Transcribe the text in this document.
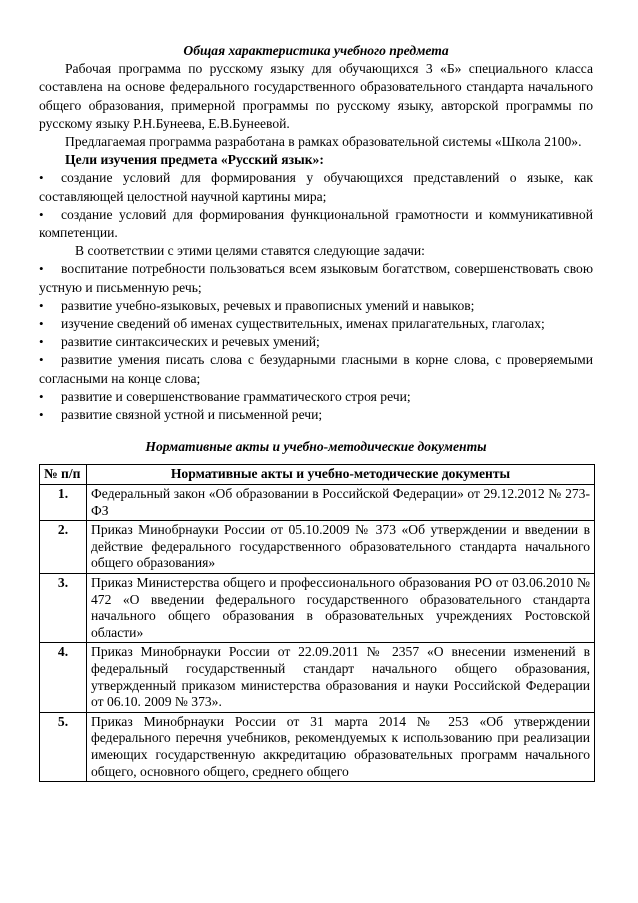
Общая характеристика учебного предмета

Рабочая программа по русскому языку для обучающихся 3 «Б» специального класса составлена на основе федерального государственного образовательного стандарта начального общего образования, примерной программы по русскому языку, авторской программы по русскому языку Р.Н.Бунеева, Е.В.Бунеевой.

Предлагаемая программа разработана в рамках образовательной системы «Школа 2100».

Цели изучения предмета «Русский язык»:

• создание условий для формирования у обучающихся представлений о языке, как составляющей целостной научной картины мира;

• создание условий для формирования функциональной грамотности и коммуникативной компетенции.

В соответствии с этими целями ставятся следующие задачи:

• воспитание потребности пользоваться всем языковым богатством, совершенствовать свою устную и письменную речь;

• развитие учебно-языковых, речевых и правописных умений и навыков;

• изучение сведений об именах существительных, именах прилагательных, глаголах;

• развитие синтаксических и речевых умений;

• развитие умения писать слова с безударными гласными в корне слова, с проверяемыми согласными на конце слова;

• развитие и совершенствование грамматического строя речи;

• развитие связной устной и письменной речи;

Нормативные акты и учебно-методические документы

№ п/п	Нормативные акты и учебно-методические документы
1.	Федеральный закон «Об образовании в Российской Федерации» от 29.12.2012 № 273-ФЗ
2.	Приказ Минобрнауки России от 05.10.2009 № 373 «Об утверждении и введении в действие федерального государственного образовательного стандарта начального общего образования»
3.	Приказ Министерства общего и профессионального образования РО от 03.06.2010 № 472 «О введении федерального государственного образовательного стандарта начального общего образования в образовательных учреждениях Ростовской области»
4.	Приказ Минобрнауки России от 22.09.2011 № 2357 «О внесении изменений в федеральный государственный стандарт начального общего образования, утвержденный приказом министерства образования и науки Российской Федерации от 06.10. 2009 № 373».
5.	Приказ Минобрнауки России от 31 марта 2014 № 253 «Об утверждении федерального перечня учебников, рекомендуемых к использованию при реализации имеющих государственную аккредитацию образовательных программ начального общего, основного общего, среднего общего
